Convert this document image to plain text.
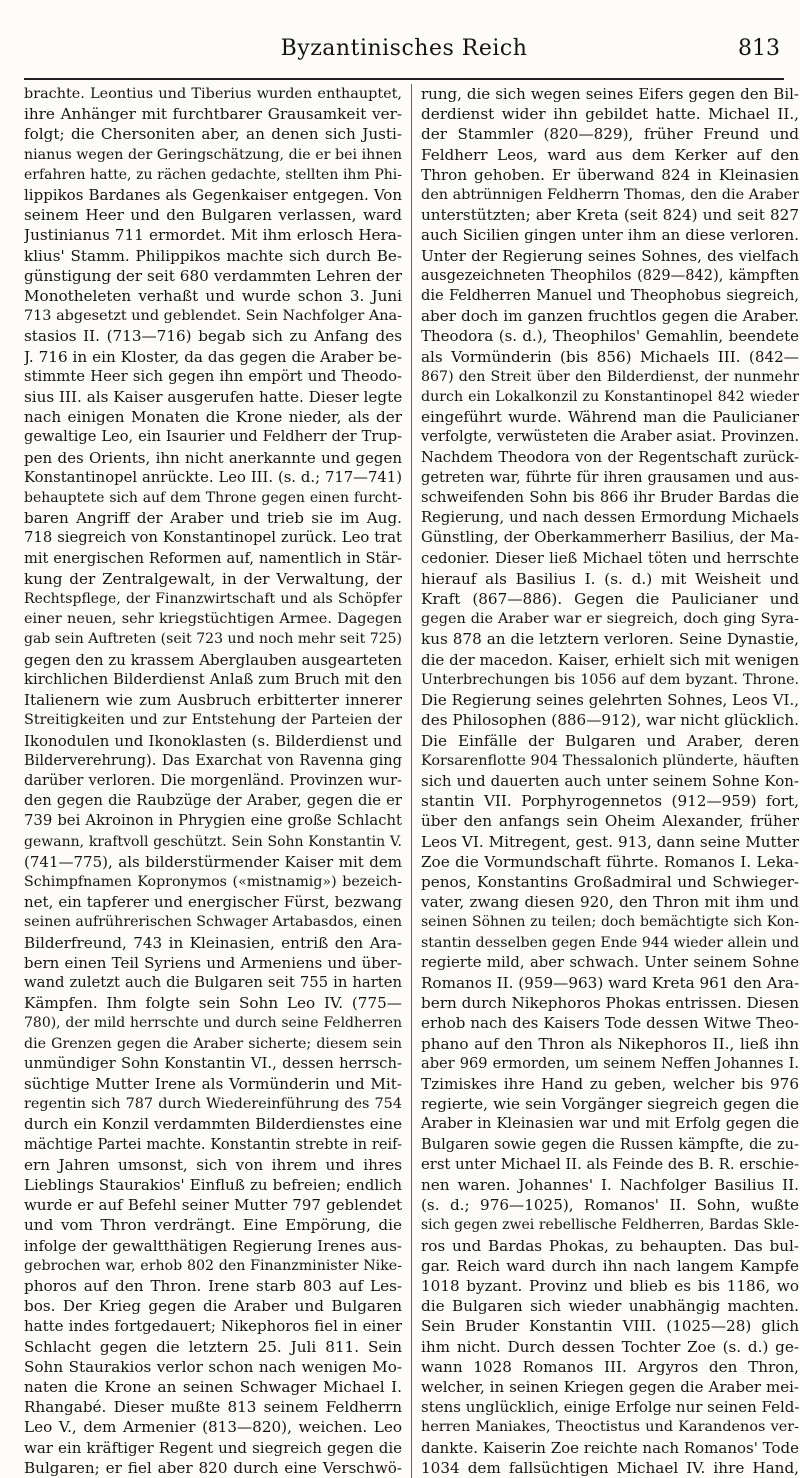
Byzantinisches Reich	813
brachte. Leontius und Tiberius wurden enthauptet,
ihre Anhänger mit furchtbarer Grausamkeit ver-
folgt; die Chersoniten aber, an denen sich Justi-
nianus wegen der Geringschätzung, die er bei ihnen
erfahren hatte, zu rächen gedachte, stellten ihm Phi-
lippikos Bardanes als Gegenkaiser entgegen. Von
seinem Heer und den Bulgaren verlassen, ward
Justinianus 711 ermordet. Mit ihm erlosch Hera-
klius' Stamm. Philippikos machte sich durch Be-
günstigung der seit 680 verdammten Lehren der
Monotheleten verhaßt und wurde schon 3. Juni
713 abgesetzt und geblendet. Sein Nachfolger Ana-
stasios II. (713—716) begab sich zu Anfang des
J. 716 in ein Kloster, da das gegen die Araber be-
stimmte Heer sich gegen ihn empört und Theodo-
sius III. als Kaiser ausgerufen hatte. Dieser legte
nach einigen Monaten die Krone nieder, als der
gewaltige Leo, ein Isaurier und Feldherr der Trup-
pen des Orients, ihn nicht anerkannte und gegen
Konstantinopel anrückte. Leo III. (s. d.; 717—741)
behauptete sich auf dem Throne gegen einen furcht-
baren Angriff der Araber und trieb sie im Aug.
718 siegreich von Konstantinopel zurück. Leo trat
mit energischen Reformen auf, namentlich in Stär-
kung der Zentralgewalt, in der Verwaltung, der
Rechtspflege, der Finanzwirtschaft und als Schöpfer
einer neuen, sehr kriegstüchtigen Armee. Dagegen
gab sein Auftreten (seit 723 und noch mehr seit 725)
gegen den zu krassem Aberglauben ausgearteten
kirchlichen Bilderdienst Anlaß zum Bruch mit den
Italienern wie zum Ausbruch erbitterter innerer
Streitigkeiten und zur Entstehung der Parteien der
Ikonodulen und Ikonoklasten (s. Bilderdienst und
Bilderverehrung). Das Exarchat von Ravenna ging
darüber verloren. Die morgenländ. Provinzen wur-
den gegen die Raubzüge der Araber, gegen die er
739 bei Akroinon in Phrygien eine große Schlacht
gewann, kraftvoll geschützt. Sein Sohn Konstantin V.
(741—775), als bilderstürmender Kaiser mit dem
Schimpfnamen Kopronymos («mistnamig») bezeich-
net, ein tapferer und energischer Fürst, bezwang
seinen aufrührerischen Schwager Artabasdos, einen
Bilderfreund, 743 in Kleinasien, entriß den Ara-
bern einen Teil Syriens und Armeniens und über-
wand zuletzt auch die Bulgaren seit 755 in harten
Kämpfen. Ihm folgte sein Sohn Leo IV. (775—
780), der mild herrschte und durch seine Feldherren
die Grenzen gegen die Araber sicherte; diesem sein
unmündiger Sohn Konstantin VI., dessen herrsch-
süchtige Mutter Irene als Vormünderin und Mit-
regentin sich 787 durch Wiedereinführung des 754
durch ein Konzil verdammten Bilderdienstes eine
mächtige Partei machte. Konstantin strebte in reif-
ern Jahren umsonst, sich von ihrem und ihres
Lieblings Staurakios' Einfluß zu befreien; endlich
wurde er auf Befehl seiner Mutter 797 geblendet
und vom Thron verdrängt. Eine Empörung, die
infolge der gewaltthätigen Regierung Irenes aus-
gebrochen war, erhob 802 den Finanzminister Nike-
phoros auf den Thron. Irene starb 803 auf Les-
bos. Der Krieg gegen die Araber und Bulgaren
hatte indes fortgedauert; Nikephoros fiel in einer
Schlacht gegen die letztern 25. Juli 811. Sein
Sohn Staurakios verlor schon nach wenigen Mo-
naten die Krone an seinen Schwager Michael I.
Rhangabé. Dieser mußte 813 seinem Feldherrn
Leo V., dem Armenier (813—820), weichen. Leo
war ein kräftiger Regent und siegreich gegen die
Bulgaren; er fiel aber 820 durch eine Verschwö-
rung, die sich wegen seines Eifers gegen den Bil-
derdienst wider ihn gebildet hatte. Michael II.,
der Stammler (820—829), früher Freund und
Feldherr Leos, ward aus dem Kerker auf den
Thron gehoben. Er überwand 824 in Kleinasien
den abtrünnigen Feldherrn Thomas, den die Araber
unterstützten; aber Kreta (seit 824) und seit 827
auch Sicilien gingen unter ihm an diese verloren.
Unter der Regierung seines Sohnes, des vielfach
ausgezeichneten Theophilos (829—842), kämpften
die Feldherren Manuel und Theophobus siegreich,
aber doch im ganzen fruchtlos gegen die Araber.
Theodora (s. d.), Theophilos' Gemahlin, beendete
als Vormünderin (bis 856) Michaels III. (842—
867) den Streit über den Bilderdienst, der nunmehr
durch ein Lokalkonzil zu Konstantinopel 842 wieder
eingeführt wurde. Während man die Paulicianer
verfolgte, verwüsteten die Araber asiat. Provinzen.
Nachdem Theodora von der Regentschaft zurück-
getreten war, führte für ihren grausamen und aus-
schweifenden Sohn bis 866 ihr Bruder Bardas die
Regierung, und nach dessen Ermordung Michaels
Günstling, der Oberkammerherr Basilius, der Ma-
cedonier. Dieser ließ Michael töten und herrschte
hierauf als Basilius I. (s. d.) mit Weisheit und
Kraft (867—886). Gegen die Paulicianer und
gegen die Araber war er siegreich, doch ging Syra-
kus 878 an die letztern verloren. Seine Dynastie,
die der macedon. Kaiser, erhielt sich mit wenigen
Unterbrechungen bis 1056 auf dem byzant. Throne.
Die Regierung seines gelehrten Sohnes, Leos VI.,
des Philosophen (886—912), war nicht glücklich.
Die Einfälle der Bulgaren und Araber, deren
Korsarenflotte 904 Thessalonich plünderte, häuften
sich und dauerten auch unter seinem Sohne Kon-
stantin VII. Porphyrogennetos (912—959) fort,
über den anfangs sein Oheim Alexander, früher
Leos VI. Mitregent, gest. 913, dann seine Mutter
Zoe die Vormundschaft führte. Romanos I. Leka-
penos, Konstantins Großadmiral und Schwieger-
vater, zwang diesen 920, den Thron mit ihm und
seinen Söhnen zu teilen; doch bemächtigte sich Kon-
stantin desselben gegen Ende 944 wieder allein und
regierte mild, aber schwach. Unter seinem Sohne
Romanos II. (959—963) ward Kreta 961 den Ara-
bern durch Nikephoros Phokas entrissen. Diesen
erhob nach des Kaisers Tode dessen Witwe Theo-
phano auf den Thron als Nikephoros II., ließ ihn
aber 969 ermorden, um seinem Neffen Johannes I.
Tzimiskes ihre Hand zu geben, welcher bis 976
regierte, wie sein Vorgänger siegreich gegen die
Araber in Kleinasien war und mit Erfolg gegen die
Bulgaren sowie gegen die Russen kämpfte, die zu-
erst unter Michael II. als Feinde des B. R. erschie-
nen waren. Johannes' I. Nachfolger Basilius II.
(s. d.; 976—1025), Romanos' II. Sohn, wußte
sich gegen zwei rebellische Feldherren, Bardas Skle-
ros und Bardas Phokas, zu behaupten. Das bul-
gar. Reich ward durch ihn nach langem Kampfe
1018 byzant. Provinz und blieb es bis 1186, wo
die Bulgaren sich wieder unabhängig machten.
Sein Bruder Konstantin VIII. (1025—28) glich
ihm nicht. Durch dessen Tochter Zoe (s. d.) ge-
wann 1028 Romanos III. Argyros den Thron,
welcher, in seinen Kriegen gegen die Araber mei-
stens unglücklich, einige Erfolge nur seinen Feld-
herren Maniakes, Theoctistus und Karandenos ver-
dankte. Kaiserin Zoe reichte nach Romanos' Tode
1034 dem fallsüchtigen Michael IV. ihre Hand,
